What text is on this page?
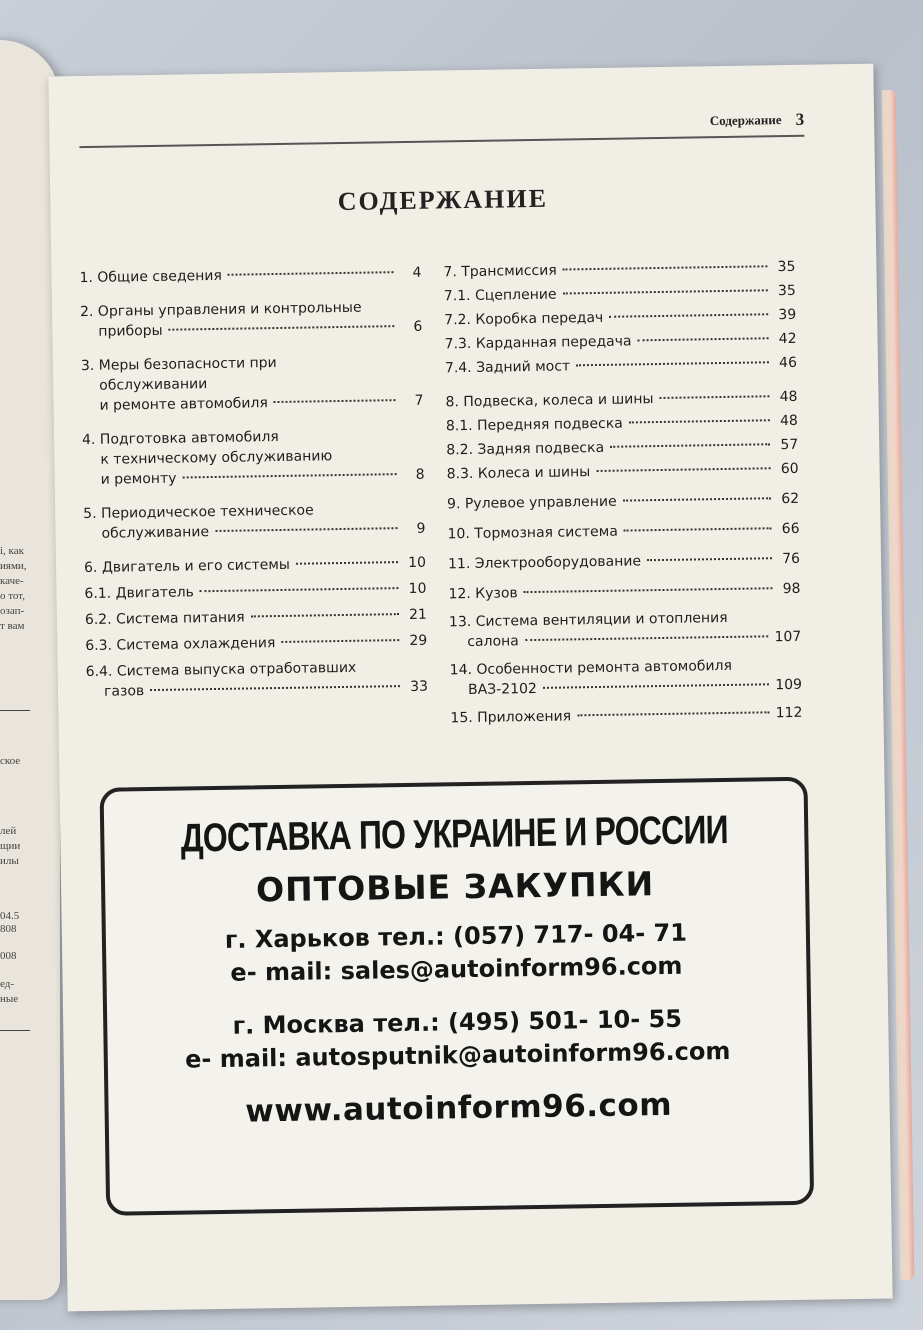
i, как
иями,
каче-
о тот,
озап-
т вам
ское
лей
щии
илы
04.5
808
008
ед-
ные
Содержание 3
СОДЕРЖАНИЕ
1. Общие сведения	4
2. Органы управления и контрольные
приборы	6
3. Меры безопасности при
обслуживании
и ремонте автомобиля	7
4. Подготовка автомобиля
к техническому обслуживанию
и ремонту	8
5. Периодическое техническое
обслуживание	9
6. Двигатель и его системы	10
6.1. Двигатель	10
6.2. Система питания	21
6.3. Система охлаждения	29
6.4. Система выпуска отработавших
газов	33
7. Трансмиссия	35
7.1. Сцепление	35
7.2. Коробка передач	39
7.3. Карданная передача	42
7.4. Задний мост	46
8. Подвеска, колеса и шины	48
8.1. Передняя подвеска	48
8.2. Задняя подвеска	57
8.3. Колеса и шины	60
9. Рулевое управление	62
10. Тормозная система	66
11. Электрооборудование	76
12. Кузов	98
13. Система вентиляции и отопления
салона	107
14. Особенности ремонта автомобиля
ВАЗ-2102	109
15. Приложения	112
ДОСТАВКА ПО УКРАИНЕ И РОССИИ
ОПТОВЫЕ ЗАКУПКИ
г. Харьков тел.: (057) 717- 04- 71
e- mail: sales@autoinform96.com
г. Москва тел.: (495) 501- 10- 55
e- mail: autosputnik@autoinform96.com
www.autoinform96.com
